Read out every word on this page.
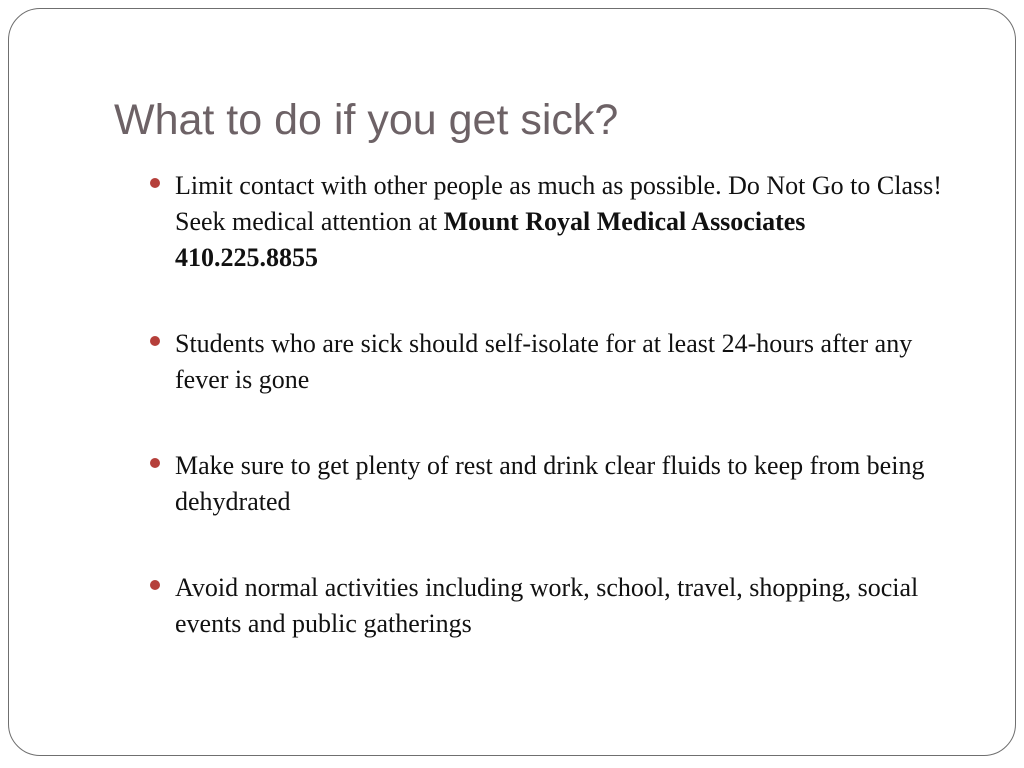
What to do if you get sick?
Limit contact with other people as much as possible. Do Not Go to Class! Seek medical attention at Mount Royal Medical Associates 410.225.8855
Students who are sick should self-isolate for at least 24-hours after any fever is gone
Make sure to get plenty of rest and drink clear fluids to keep from being dehydrated
Avoid normal activities including work, school, travel, shopping, social events and public gatherings
